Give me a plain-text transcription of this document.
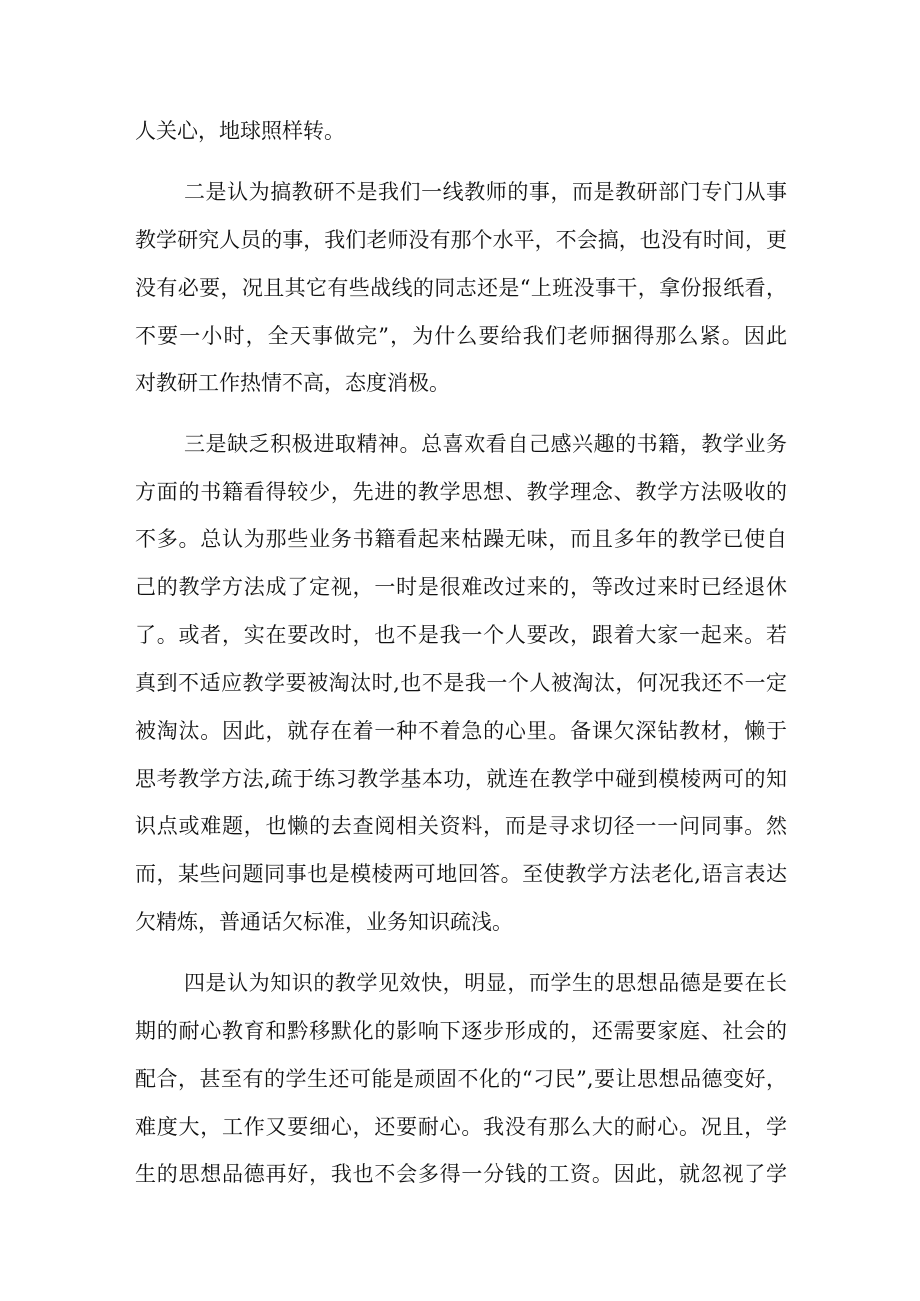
人关心，地球照样转。
二是认为搞教研不是我们一线教师的事，而是教研部门专门从事
教学研究人员的事，我们老师没有那个水平，不会搞，也没有时间，更
没有必要，况且其它有些战线的同志还是“上班没事干，拿份报纸看，
不要一小时，全天事做完”，为什么要给我们老师捆得那么紧。因此
对教研工作热情不高，态度消极。
三是缺乏积极进取精神。总喜欢看自己感兴趣的书籍，教学业务
方面的书籍看得较少，先进的教学思想、教学理念、教学方法吸收的
不多。总认为那些业务书籍看起来枯躁无味，而且多年的教学已使自
己的教学方法成了定视，一时是很难改过来的，等改过来时已经退休
了。或者，实在要改时，也不是我一个人要改，跟着大家一起来。若
真到不适应教学要被淘汰时,也不是我一个人被淘汰，何况我还不一定
被淘汰。因此，就存在着一种不着急的心里。备课欠深钻教材，懒于
思考教学方法,疏于练习教学基本功，就连在教学中碰到模棱两可的知
识点或难题，也懒的去查阅相关资料，而是寻求切径一一问同事。然
而，某些问题同事也是模棱两可地回答。至使教学方法老化,语言表达
欠精炼，普通话欠标准，业务知识疏浅。
四是认为知识的教学见效快，明显，而学生的思想品德是要在长
期的耐心教育和黔移默化的影响下逐步形成的，还需要家庭、社会的
配合，甚至有的学生还可能是顽固不化的“刁民”,要让思想品德变好，
难度大，工作又要细心，还要耐心。我没有那么大的耐心。况且，学
生的思想品德再好，我也不会多得一分钱的工资。因此，就忽视了学
